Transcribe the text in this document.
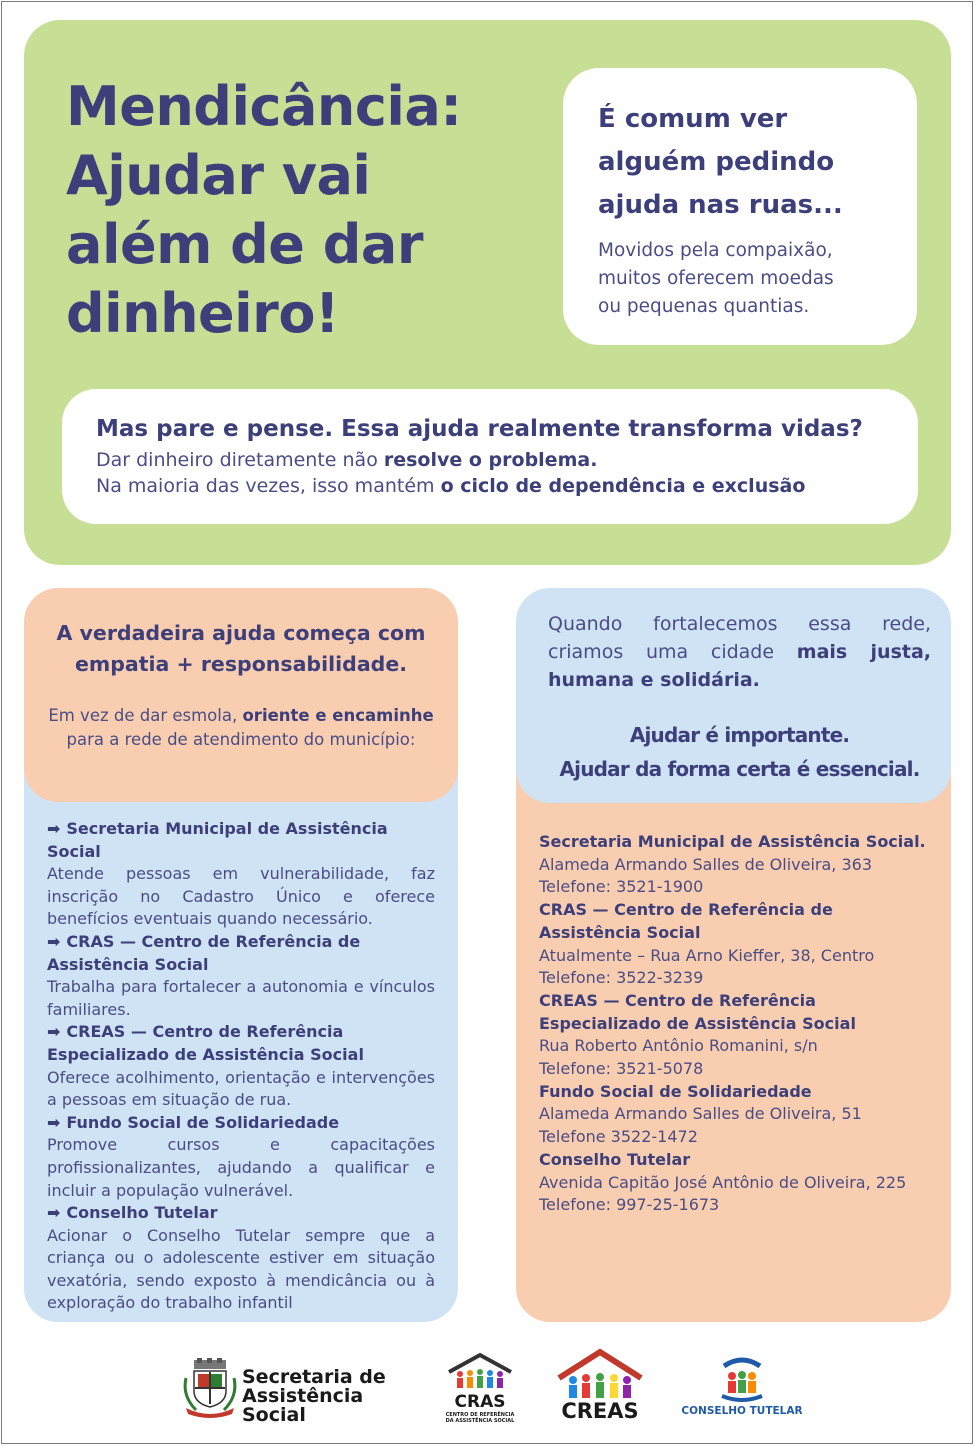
Mendicância:
Ajudar vai
além de dar
dinheiro!
É comum ver
alguém pedindo
ajuda nas ruas...
Movidos pela compaixão,
muitos oferecem moedas
ou pequenas quantias.
Mas pare e pense. Essa ajuda realmente transforma vidas?
Dar dinheiro diretamente não resolve o problema.
Na maioria das vezes, isso mantém o ciclo de dependência e exclusão
A verdadeira ajuda começa com
empatia + responsabilidade.
Em vez de dar esmola, oriente e encaminhe
para a rede de atendimento do município:
➡ Secretaria Municipal de Assistência Social
Atende pessoas em vulnerabilidade, faz inscrição no Cadastro Único e oferece benefícios eventuais quando necessário.
➡ CRAS — Centro de Referência de Assistência Social
Trabalha para fortalecer a autonomia e vínculos familiares.
➡ CREAS — Centro de Referência Especializado de Assistência Social
Oferece acolhimento, orientação e intervenções a pessoas em situação de rua.
➡ Fundo Social de Solidariedade
Promove cursos e capacitações profissionalizantes, ajudando a qualificar e incluir a população vulnerável.
➡ Conselho Tutelar
Acionar o Conselho Tutelar sempre que a criança ou o adolescente estiver em situação vexatória, sendo exposto à mendicância ou à exploração do trabalho infantil
Quando fortalecemos essa rede, criamos uma cidade mais justa, humana e solidária.
Ajudar é importante.
Ajudar da forma certa é essencial.
Secretaria Municipal de Assistência Social.
Alameda Armando Salles de Oliveira, 363
Telefone: 3521-1900
CRAS — Centro de Referência de Assistência Social
Atualmente – Rua Arno Kieffer, 38, Centro
Telefone: 3522-3239
CREAS — Centro de Referência Especializado de Assistência Social
Rua Roberto Antônio Romanini, s/n
Telefone: 3521-5078
Fundo Social de Solidariedade
Alameda Armando Salles de Oliveira, 51
Telefone 3522-1472
Conselho Tutelar
Avenida Capitão José Antônio de Oliveira, 225
Telefone: 997-25-1673
Secretaria de
Assistência Social
CRAS
CENTRO DE REFERÊNCIA
DA ASSISTÊNCIA SOCIAL CREAS	CONSELHO TUTELAR
